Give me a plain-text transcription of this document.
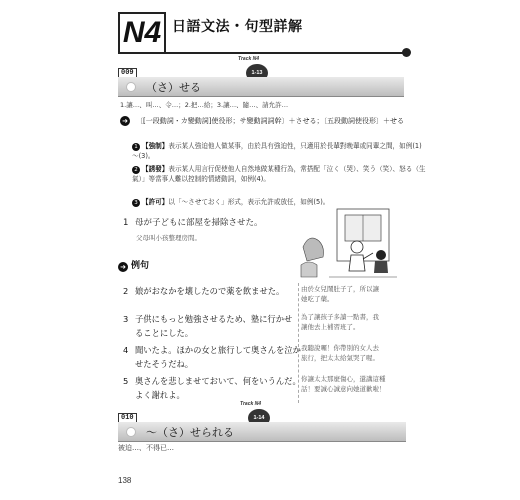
N4 日語文法・句型詳解
009
Track N4
1-13
（さ）せる
1.讓…、叫…、令…；2.把…給；3.讓…、隨…、請允許…
➜ 〔[一段動詞・カ變動詞]使役形；サ變動詞詞幹〕＋させる；〔五段動詞使役形〕＋せる
1 【強制】表示某人強迫他人做某事，由於具有強迫性，只適用於長輩對晚輩或同輩之間，如例(1)～(3)。
2 【誘發】表示某人用言行促使他人自然地做某種行為，常搭配「泣く（哭）、笑う（笑）、怒る（生氣）」等當事人難以控制的情緒動詞，如例(4)。
3 【許可】以「～させておく」形式，表示允許或放任，如例(5)。
1 母が子どもに部屋を掃除させた。
父母叫小孩整理房間。
➜ 例句
2 娘がおなかを壊したので薬を飲ませた。	由於女兒鬧肚子了，所以讓
她吃了藥。
3 子供にもっと勉強させるため、塾に行かせ
ることにした。
為了讓孩子多讀一點書，我
讓他去上補習班了。
4 聞いたよ。ほかの女と旅行して奥さんを泣か
せたそうだね。
我聽說囉！你帶別的女人去
旅行，把太太給氣哭了喔。
5 奥さんを悲しませておいて、何をいうんだ。
よく謝れよ。
你讓太太那麼傷心，還講這種
話！要誠心誠意向她道歉啦！
010
Track N4
1-14
～（さ）せられる
被迫…、不得已…
138
